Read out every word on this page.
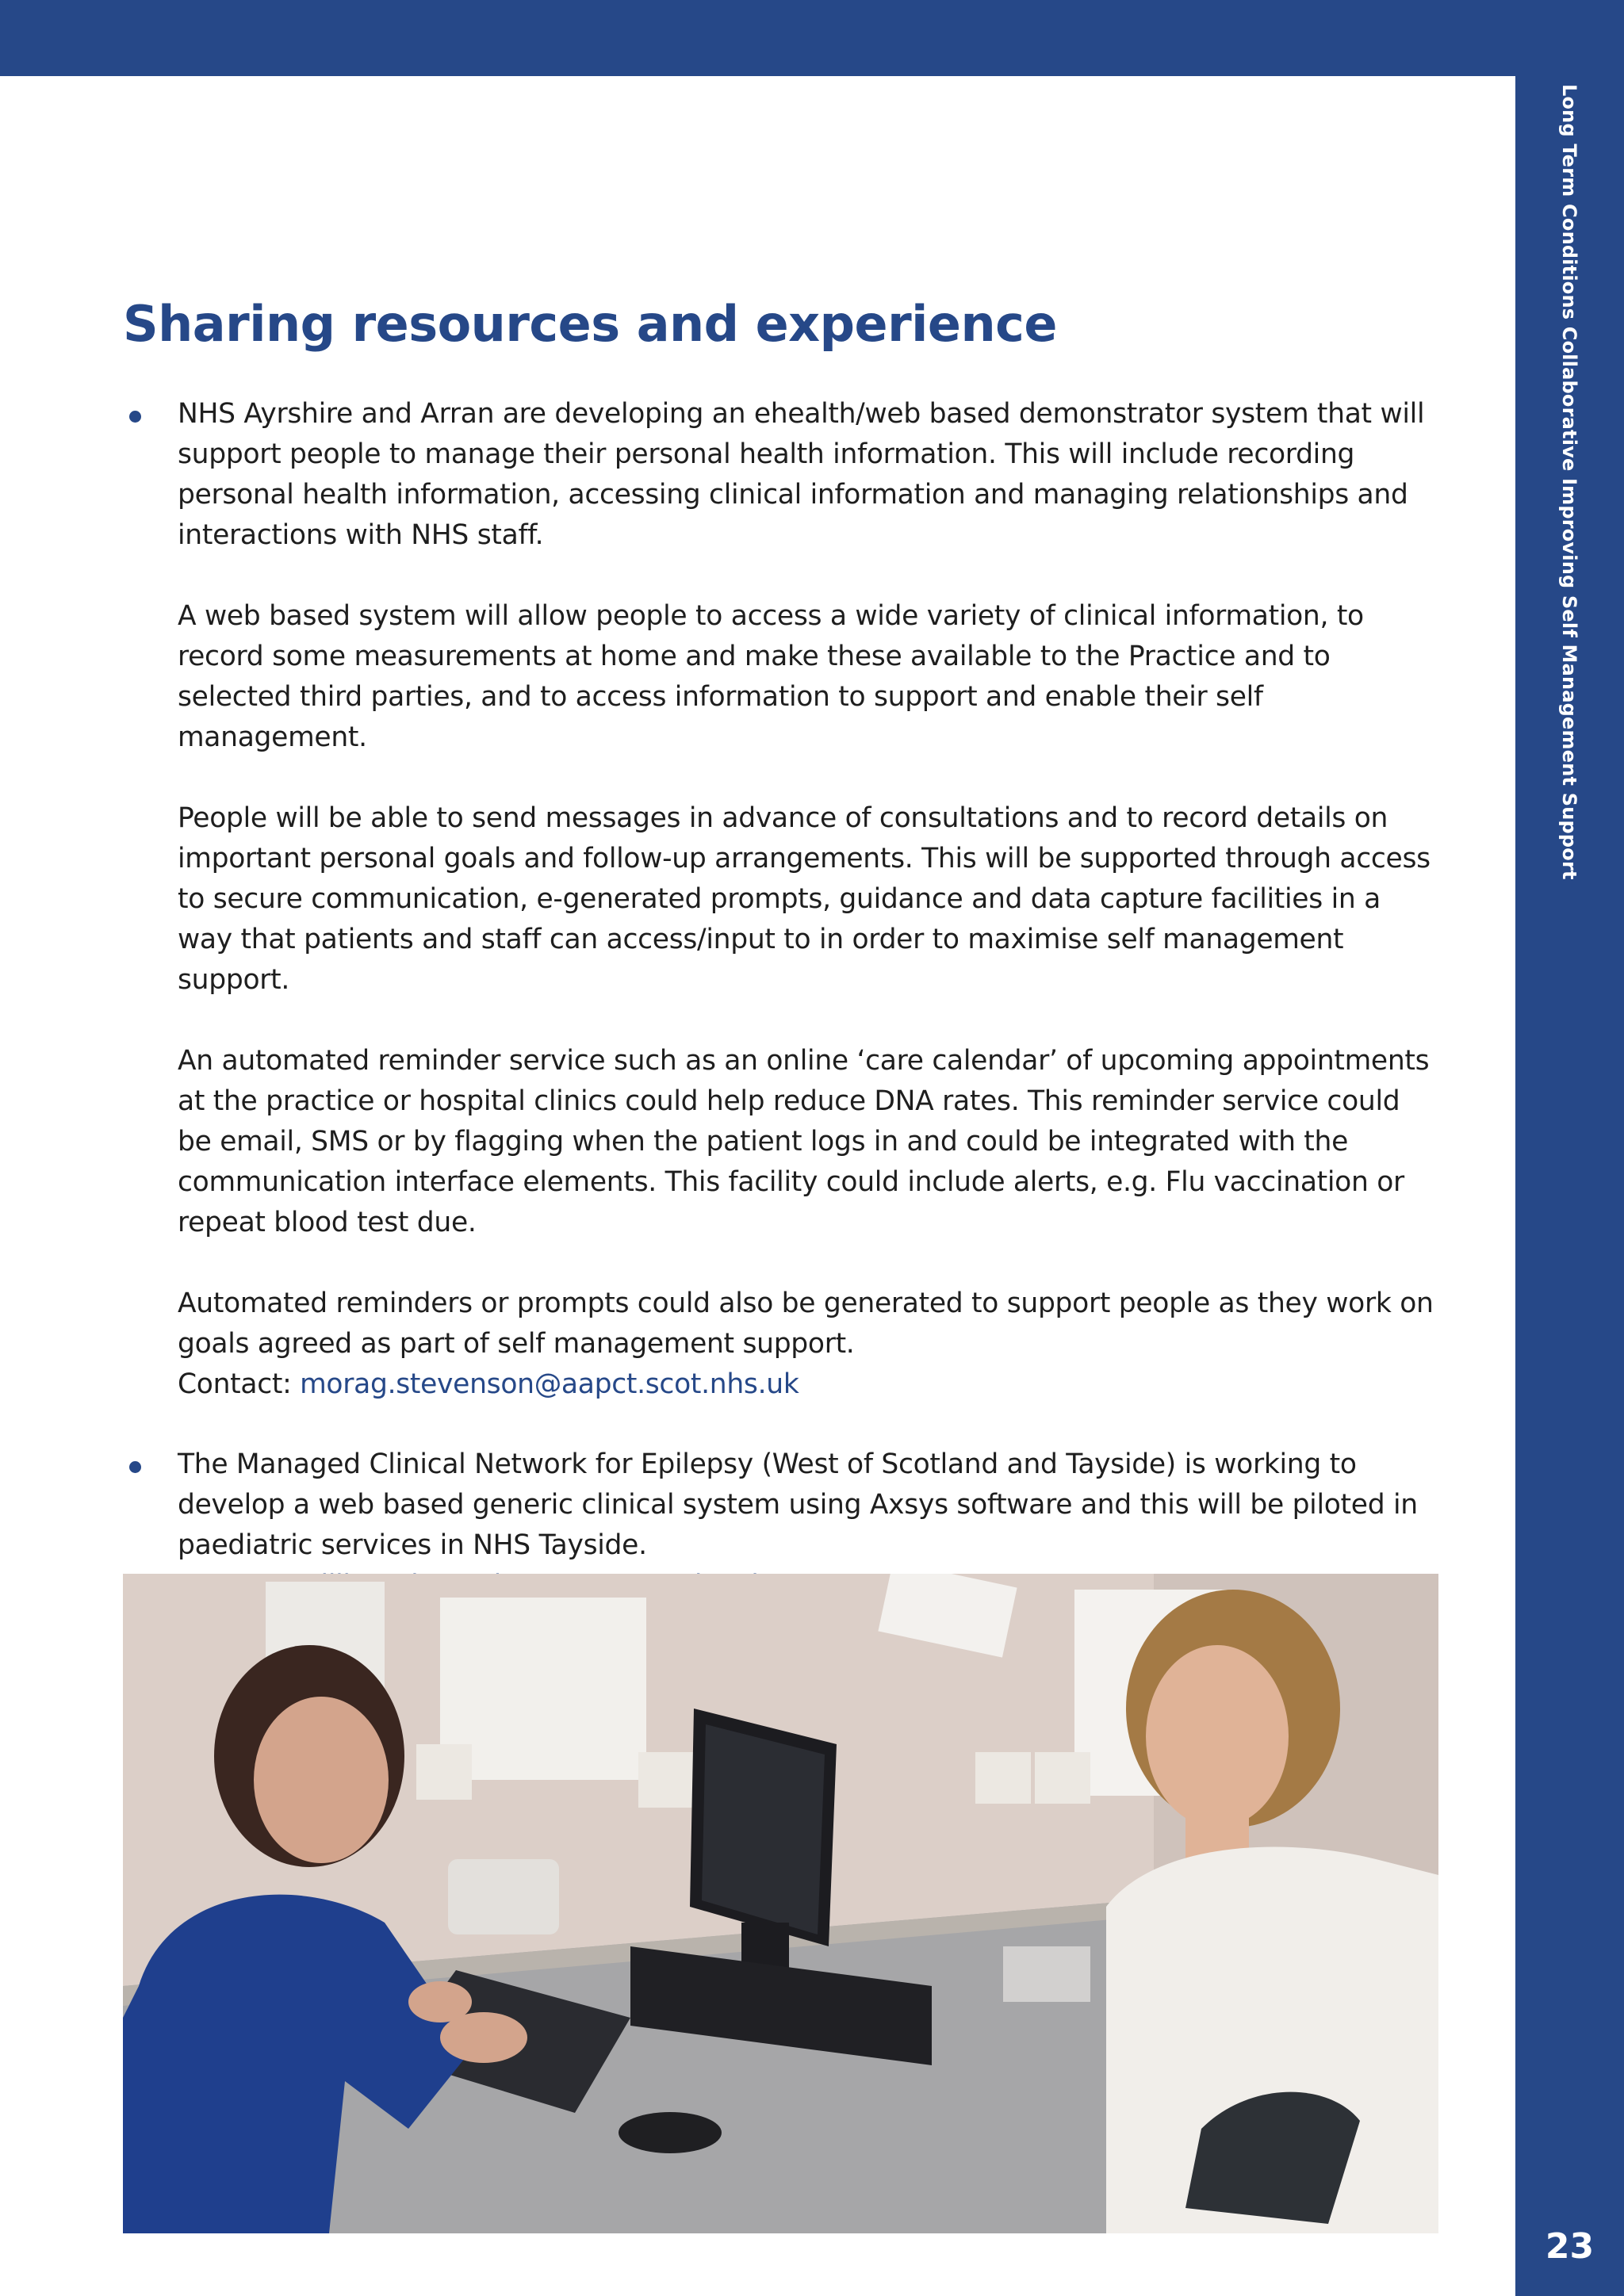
Long Term Conditions Collaborative Improving Self Management Support
23
Sharing resources and experience

NHS Ayrshire and Arran are developing an ehealth/web based demonstrator system that will support people to manage their personal health information. This will include recording personal health information, accessing clinical information and managing relationships and interactions with NHS staff.

A web based system will allow people to access a wide variety of clinical information, to record some measurements at home and make these available to the Practice and to selected third parties, and to access information to support and enable their self management.

People will be able to send messages in advance of consultations and to record details on important personal goals and follow-up arrangements. This will be supported through access to secure communication, e-generated prompts, guidance and data capture facilities in a way that patients and staff can access/input to in order to maximise self management support.

An automated reminder service such as an online ‘care calendar’ of upcoming appointments at the practice or hospital clinics could help reduce DNA rates. This reminder service could be email, SMS or by flagging when the patient logs in and could be integrated with the communication interface elements. This facility could include alerts, e.g. Flu vaccination or repeat blood test due.

Automated reminders or prompts could also be generated to support people as they work on goals agreed as part of self management support.

Contact: morag.stevenson@aapct.scot.nhs.uk

The Managed Clinical Network for Epilepsy (West of Scotland and Tayside) is working to develop a web based generic clinical system using Axsys software and this will be piloted in paediatric services in NHS Tayside.
